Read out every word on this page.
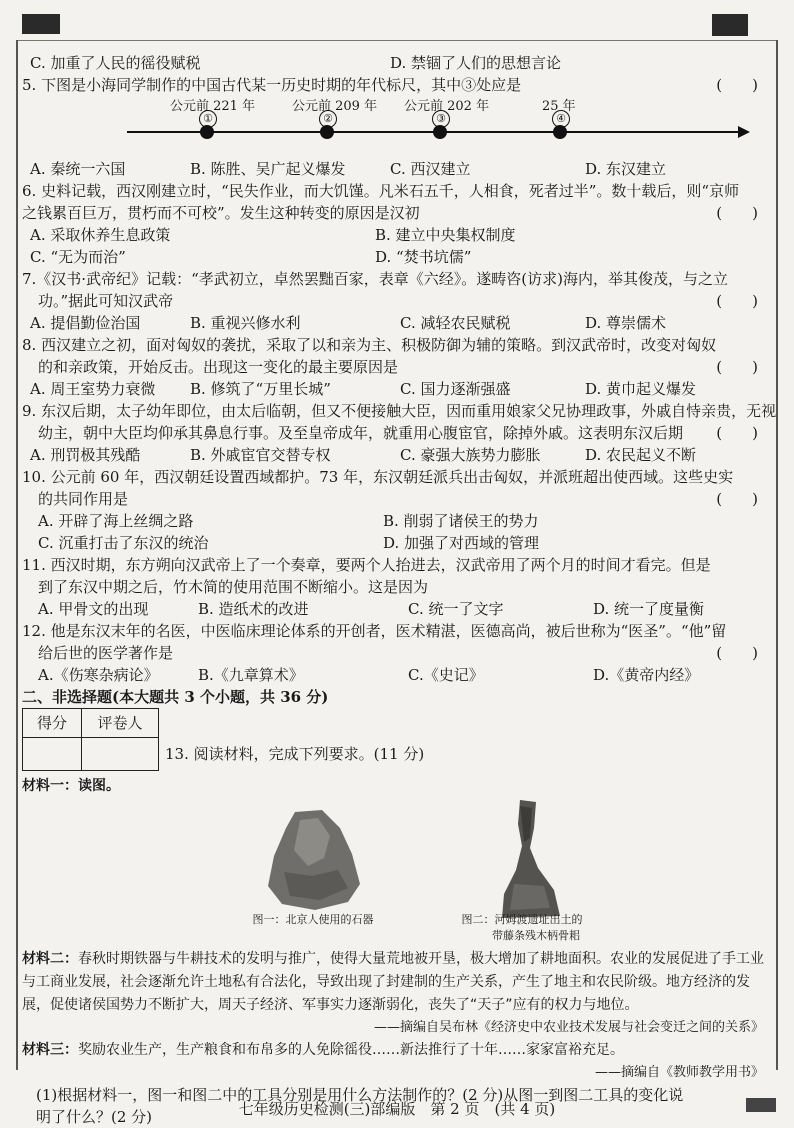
C. 加重了人民的徭役赋税	D. 禁锢了人们的思想言论
5. 下图是小海同学制作的中国古代某一历史时期的年代标尺，其中③处应是	(　　)
公元前 221 年
①
公元前 209 年
②
公元前 202 年
③
25 年
④
A. 秦统一六国	B. 陈胜、吴广起义爆发	C. 西汉建立	D. 东汉建立
6. 史料记载，西汉刚建立时，“民失作业，而大饥馑。凡米石五千，人相食，死者过半”。数十载后，则“京师
之钱累百巨万，贯朽而不可校”。发生这种转变的原因是汉初	(　　)
A. 采取休养生息政策	B. 建立中央集权制度
C. “无为而治”	D. “焚书坑儒”
7.《汉书·武帝纪》记载：“孝武初立，卓然罢黜百家，表章《六经》。遂畴咨(访求)海内，举其俊茂，与之立
功。”据此可知汉武帝	(　　)
A. 提倡勤俭治国	B. 重视兴修水利	C. 减轻农民赋税	D. 尊崇儒术
8. 西汉建立之初，面对匈奴的袭扰，采取了以和亲为主、积极防御为辅的策略。到汉武帝时，改变对匈奴
的和亲政策，开始反击。出现这一变化的最主要原因是	(　　)
A. 周王室势力衰微 B. 修筑了“万里长城”	C. 国力逐渐强盛	D. 黄巾起义爆发
9. 东汉后期，太子幼年即位，由太后临朝，但又不便接触大臣，因而重用娘家父兄协理政事，外戚自恃亲贵，无视
幼主，朝中大臣均仰承其鼻息行事。及至皇帝成年，就重用心腹宦官，除掉外戚。这表明东汉后期 (　　)
A. 刑罚极其残酷	B. 外戚宦官交替专权	C. 豪强大族势力膨胀	D. 农民起义不断
10. 公元前 60 年，西汉朝廷设置西域都护。73 年，东汉朝廷派兵出击匈奴，并派班超出使西域。这些史实
的共同作用是	(　　)
A. 开辟了海上丝绸之路	B. 削弱了诸侯王的势力
C. 沉重打击了东汉的统治	D. 加强了对西域的管理
11. 西汉时期，东方朔向汉武帝上了一个奏章，要两个人抬进去，汉武帝用了两个月的时间才看完。但是
到了东汉中期之后，竹木简的使用范围不断缩小。这是因为
A. 甲骨文的出现	B. 造纸术的改进	C. 统一了文字	D. 统一了度量衡
12. 他是东汉末年的名医，中医临床理论体系的开创者，医术精湛，医德高尚，被后世称为“医圣”。“他”留
给后世的医学著作是	(　　)
A.《伤寒杂病论》	B.《九章算术》	C.《史记》	D.《黄帝内经》
二、非选择题(本大题共 3 个小题，共 36 分)
得分	评卷人

13. 阅读材料，完成下列要求。(11 分)
材料一：读图。
图一：北京人使用的石器	图二：河姆渡遗址出土的
带藤条残木柄骨耜
材料二：春秋时期铁器与牛耕技术的发明与推广，使得大量荒地被开垦，极大增加了耕地面积。农业的发展促进了手工业与工商业发展，社会逐渐允许土地私有合法化，导致出现了封建制的生产关系，产生了地主和农民阶级。地方经济的发展，促使诸侯国势力不断扩大，周天子经济、军事实力逐渐弱化，丧失了“天子”应有的权力与地位。
——摘编自吴布林《经济史中农业技术发展与社会变迁之间的关系》
材料三：奖励农业生产，生产粮食和布帛多的人免除徭役……新法推行了十年……家家富裕充足。
——摘编自《教师教学用书》
(1)根据材料一，图一和图二中的工具分别是用什么方法制作的？(2 分)从图一到图二工具的变化说
明了什么？(2 分)	七年级历史检测(三)部编版　第 2 页　(共 4 页)
